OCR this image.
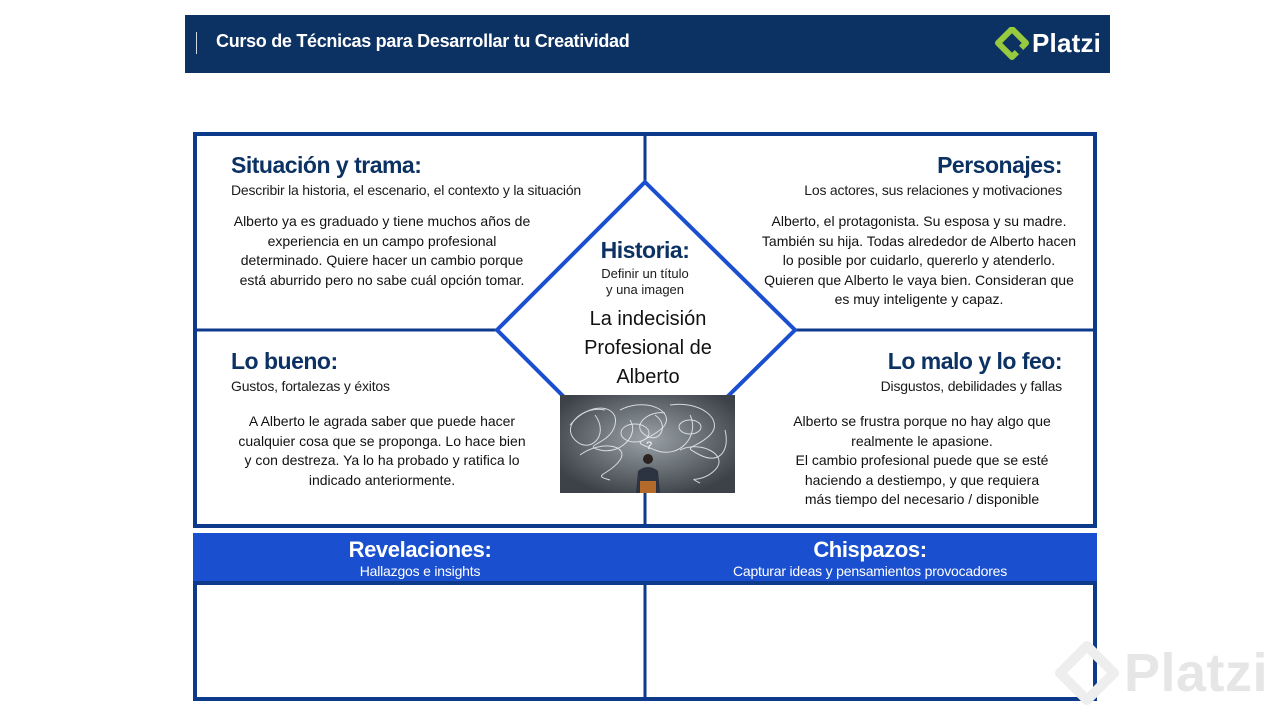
Curso de Técnicas para Desarrollar tu Creatividad	Platzi
Situación y trama:
Describir la historia, el escenario, el contexto y la situación
Alberto ya es graduado y tiene muchos años de
experiencia en un campo profesional
determinado. Quiere hacer un cambio porque
está aburrido pero no sabe cuál opción tomar.
Personajes:
Los actores, sus relaciones y motivaciones
Alberto, el protagonista. Su esposa y su madre.
También su hija. Todas alrededor de Alberto hacen
lo posible por cuidarlo, quererlo y atenderlo.
Quieren que Alberto le vaya bien. Consideran que
es muy inteligente y capaz.
Lo bueno:
Gustos, fortalezas y éxitos
A Alberto le agrada saber que puede hacer
cualquier cosa que se proponga. Lo hace bien
y con destreza. Ya lo ha probado y ratifica lo
indicado anteriormente.
Lo malo y lo feo:
Disgustos, debilidades y fallas
Alberto se frustra porque no hay algo que
realmente le apasione.
El cambio profesional puede que se esté
haciendo a destiempo, y que requiera
más tiempo del necesario / disponible
Historia:
Definir un título
y una imagen
La indecisión
Profesional de
Alberto
?
Revelaciones:
Hallazgos e insights
Chispazos:
Capturar ideas y pensamientos provocadores
Platzi
